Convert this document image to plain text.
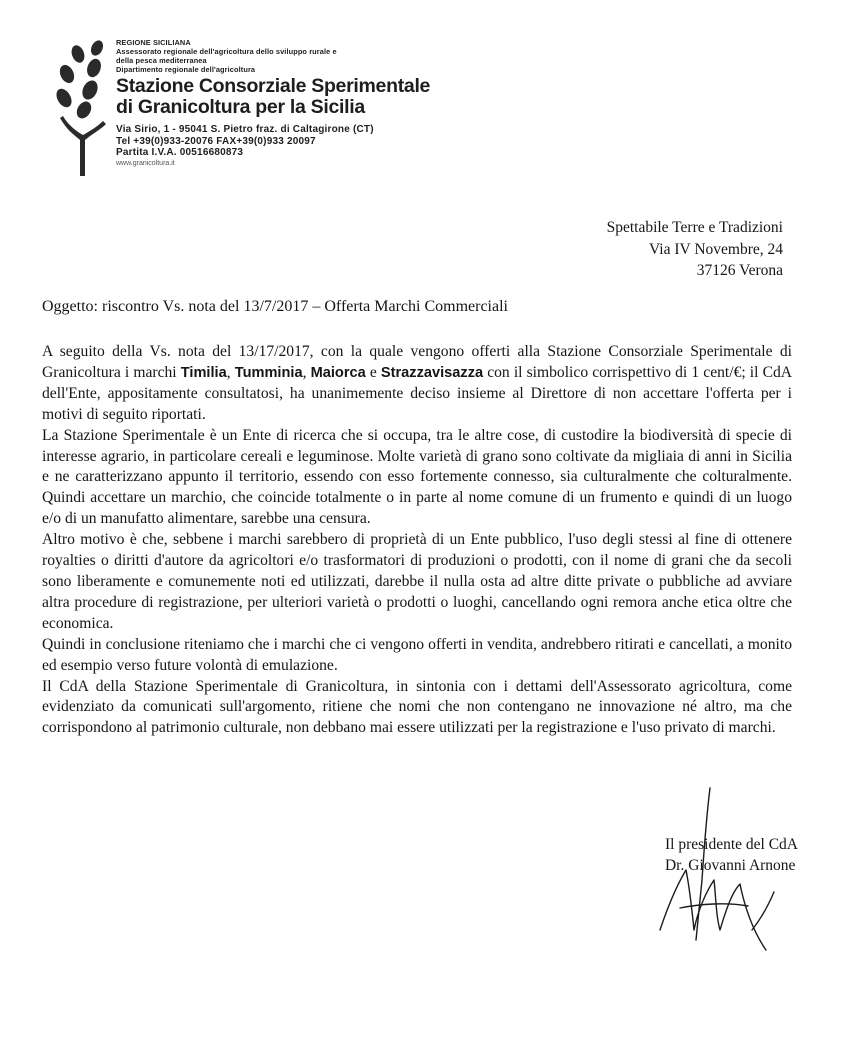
REGIONE SICILIANA
Assessorato regionale dell'agricoltura dello sviluppo rurale e
della pesca mediterranea
Dipartimento regionale dell'agricoltura
Stazione Consorziale Sperimentale
di Granicoltura per la Sicilia
Via Sirio, 1 - 95041 S. Pietro fraz. di Caltagirone (CT)
Tel +39(0)933-20076 FAX+39(0)933 20097
Partita I.V.A. 00516680873
www.granicoltura.it
Spettabile Terre e Tradizioni
Via IV Novembre, 24
37126 Verona
Oggetto: riscontro Vs. nota del 13/7/2017 – Offerta Marchi Commerciali

A seguito della Vs. nota del 13/17/2017, con la quale vengono offerti alla Stazione Consorziale Sperimentale di Granicoltura i marchi Timilia, Tumminia, Maiorca e Strazzavisazza con il simbolico corrispettivo di 1 cent/€; il CdA dell'Ente, appositamente consultatosi, ha unanimemente deciso insieme al Direttore di non accettare l'offerta per i motivi di seguito riportati.

La Stazione Sperimentale è un Ente di ricerca che si occupa, tra le altre cose, di custodire la biodiversità di specie di interesse agrario, in particolare cereali e leguminose. Molte varietà di grano sono coltivate da migliaia di anni in Sicilia e ne caratterizzano appunto il territorio, essendo con esso fortemente connesso, sia culturalmente che colturalmente. Quindi accettare un marchio, che coincide totalmente o in parte al nome comune di un frumento e quindi di un luogo e/o di un manufatto alimentare, sarebbe una censura.

Altro motivo è che, sebbene i marchi sarebbero di proprietà di un Ente pubblico, l'uso degli stessi al fine di ottenere royalties o diritti d'autore da agricoltori e/o trasformatori di produzioni o prodotti, con il nome di grani che da secoli sono liberamente e comunemente noti ed utilizzati, darebbe il nulla osta ad altre ditte private o pubbliche ad avviare altra procedure di registrazione, per ulteriori varietà o prodotti o luoghi, cancellando ogni remora anche etica oltre che economica.

Quindi in conclusione riteniamo che i marchi che ci vengono offerti in vendita, andrebbero ritirati e cancellati, a monito ed esempio verso future volontà di emulazione.

Il CdA della Stazione Sperimentale di Granicoltura, in sintonia con i dettami dell'Assessorato agricoltura, come evidenziato da comunicati sull'argomento, ritiene che nomi che non contengano ne innovazione né altro, ma che corrispondono al patrimonio culturale, non debbano mai essere utilizzati per la registrazione e l'uso privato di marchi.

Il presidente del CdA
Dr. Giovanni Arnone
